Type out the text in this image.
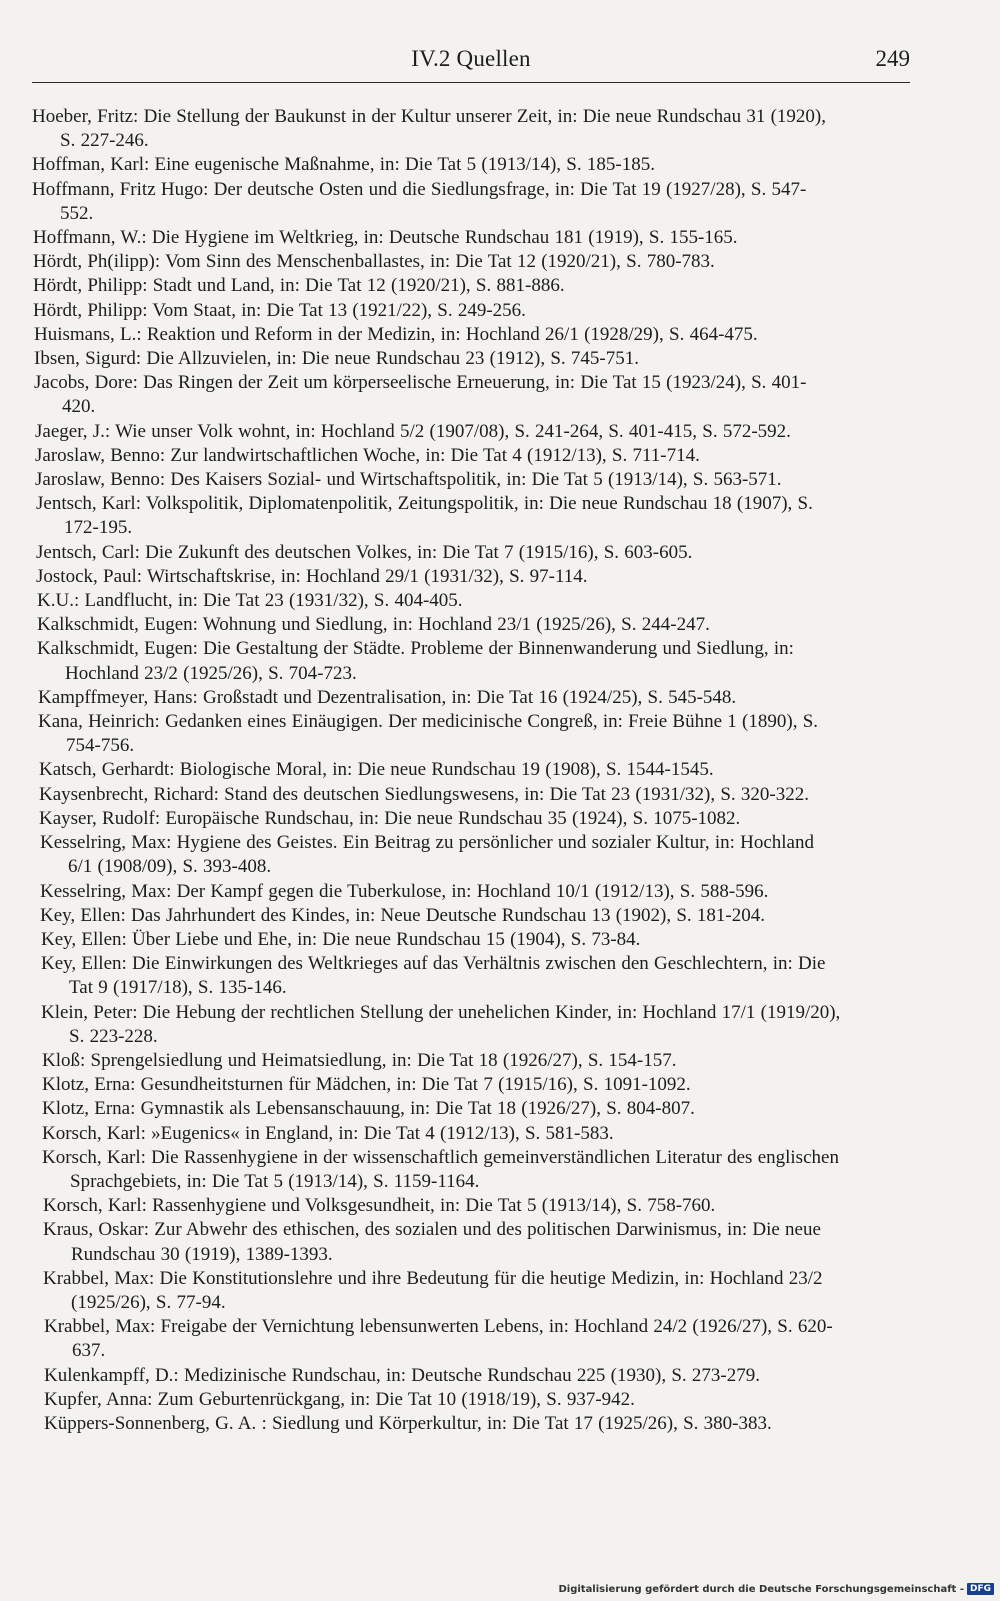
IV.2 Quellen	249

Hoeber, Fritz: Die Stellung der Baukunst in der Kultur unserer Zeit, in: Die neue Rundschau 31 (1920),
S. 227-246.

Hoffman, Karl: Eine eugenische Maßnahme, in: Die Tat 5 (1913/14), S. 185-185.

Hoffmann, Fritz Hugo: Der deutsche Osten und die Siedlungsfrage, in: Die Tat 19 (1927/28), S. 547-
552.

Hoffmann, W.: Die Hygiene im Weltkrieg, in: Deutsche Rundschau 181 (1919), S. 155-165.

Hördt, Ph(ilipp): Vom Sinn des Menschenballastes, in: Die Tat 12 (1920/21), S. 780-783.

Hördt, Philipp: Stadt und Land, in: Die Tat 12 (1920/21), S. 881-886.

Hördt, Philipp: Vom Staat, in: Die Tat 13 (1921/22), S. 249-256.

Huismans, L.: Reaktion und Reform in der Medizin, in: Hochland 26/1 (1928/29), S. 464-475.

Ibsen, Sigurd: Die Allzuvielen, in: Die neue Rundschau 23 (1912), S. 745-751.

Jacobs, Dore: Das Ringen der Zeit um körperseelische Erneuerung, in: Die Tat 15 (1923/24), S. 401-
420.

Jaeger, J.: Wie unser Volk wohnt, in: Hochland 5/2 (1907/08), S. 241-264, S. 401-415, S. 572-592.

Jaroslaw, Benno: Zur landwirtschaftlichen Woche, in: Die Tat 4 (1912/13), S. 711-714.

Jaroslaw, Benno: Des Kaisers Sozial- und Wirtschaftspolitik, in: Die Tat 5 (1913/14), S. 563-571.

Jentsch, Karl: Volkspolitik, Diplomatenpolitik, Zeitungspolitik, in: Die neue Rundschau 18 (1907), S.
172-195.

Jentsch, Carl: Die Zukunft des deutschen Volkes, in: Die Tat 7 (1915/16), S. 603-605.

Jostock, Paul: Wirtschaftskrise, in: Hochland 29/1 (1931/32), S. 97-114.

K.U.: Landflucht, in: Die Tat 23 (1931/32), S. 404-405.

Kalkschmidt, Eugen: Wohnung und Siedlung, in: Hochland 23/1 (1925/26), S. 244-247.

Kalkschmidt, Eugen: Die Gestaltung der Städte. Probleme der Binnenwanderung und Siedlung, in:
Hochland 23/2 (1925/26), S. 704-723.

Kampffmeyer, Hans: Großstadt und Dezentralisation, in: Die Tat 16 (1924/25), S. 545-548.

Kana, Heinrich: Gedanken eines Einäugigen. Der medicinische Congreß, in: Freie Bühne 1 (1890), S.
754-756.

Katsch, Gerhardt: Biologische Moral, in: Die neue Rundschau 19 (1908), S. 1544-1545.

Kaysenbrecht, Richard: Stand des deutschen Siedlungswesens, in: Die Tat 23 (1931/32), S. 320-322.

Kayser, Rudolf: Europäische Rundschau, in: Die neue Rundschau 35 (1924), S. 1075-1082.

Kesselring, Max: Hygiene des Geistes. Ein Beitrag zu persönlicher und sozialer Kultur, in: Hochland
6/1 (1908/09), S. 393-408.

Kesselring, Max: Der Kampf gegen die Tuberkulose, in: Hochland 10/1 (1912/13), S. 588-596.

Key, Ellen: Das Jahrhundert des Kindes, in: Neue Deutsche Rundschau 13 (1902), S. 181-204.

Key, Ellen: Über Liebe und Ehe, in: Die neue Rundschau 15 (1904), S. 73-84.

Key, Ellen: Die Einwirkungen des Weltkrieges auf das Verhältnis zwischen den Geschlechtern, in: Die
Tat 9 (1917/18), S. 135-146.

Klein, Peter: Die Hebung der rechtlichen Stellung der unehelichen Kinder, in: Hochland 17/1 (1919/20),
S. 223-228.

Kloß: Sprengelsiedlung und Heimatsiedlung, in: Die Tat 18 (1926/27), S. 154-157.

Klotz, Erna: Gesundheitsturnen für Mädchen, in: Die Tat 7 (1915/16), S. 1091-1092.

Klotz, Erna: Gymnastik als Lebensanschauung, in: Die Tat 18 (1926/27), S. 804-807.

Korsch, Karl: »Eugenics« in England, in: Die Tat 4 (1912/13), S. 581-583.

Korsch, Karl: Die Rassenhygiene in der wissenschaftlich gemeinverständlichen Literatur des englischen
Sprachgebiets, in: Die Tat 5 (1913/14), S. 1159-1164.

Korsch, Karl: Rassenhygiene und Volksgesundheit, in: Die Tat 5 (1913/14), S. 758-760.

Kraus, Oskar: Zur Abwehr des ethischen, des sozialen und des politischen Darwinismus, in: Die neue
Rundschau 30 (1919), 1389-1393.

Krabbel, Max: Die Konstitutionslehre und ihre Bedeutung für die heutige Medizin, in: Hochland 23/2
(1925/26), S. 77-94.

Krabbel, Max: Freigabe der Vernichtung lebensunwerten Lebens, in: Hochland 24/2 (1926/27), S. 620-
637.

Kulenkampff, D.: Medizinische Rundschau, in: Deutsche Rundschau 225 (1930), S. 273-279.

Kupfer, Anna: Zum Geburtenrückgang, in: Die Tat 10 (1918/19), S. 937-942.

Küppers-Sonnenberg, G. A. : Siedlung und Körperkultur, in: Die Tat 17 (1925/26), S. 380-383.

Digitalisierung gefördert durch die Deutsche Forschungsgemeinschaft - DFG
